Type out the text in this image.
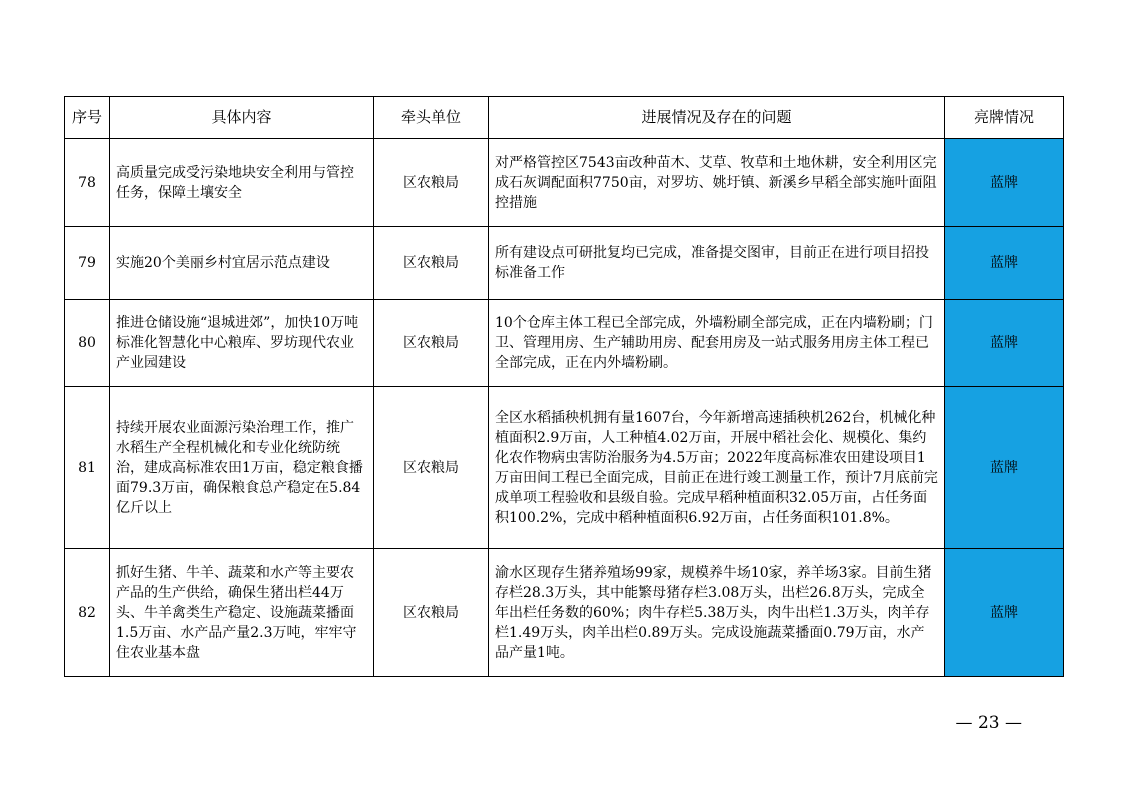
序号	具体内容	牵头单位	进展情况及存在的问题	亮牌情况
78	高质量完成受污染地块安全利用与管控任务，保障土壤安全	区农粮局	对严格管控区7543亩改种苗木、艾草、牧草和土地休耕，安全利用区完成石灰调配面积7750亩，对罗坊、姚圩镇、新溪乡早稻全部实施叶面阻控措施	蓝牌
79	实施20个美丽乡村宜居示范点建设	区农粮局	所有建设点可研批复均已完成，准备提交图审，目前正在进行项目招投标准备工作	蓝牌
80	推进仓储设施“退城进郊”，加快10万吨标准化智慧化中心粮库、罗坊现代农业产业园建设	区农粮局	10个仓库主体工程已全部完成，外墙粉刷全部完成，正在内墙粉刷；门卫、管理用房、生产辅助用房、配套用房及一站式服务用房主体工程已全部完成，正在内外墙粉刷。	蓝牌
81	持续开展农业面源污染治理工作，推广水稻生产全程机械化和专业化统防统治，建成高标准农田1万亩，稳定粮食播面79.3万亩，确保粮食总产稳定在5.84亿斤以上	区农粮局	全区水稻插秧机拥有量1607台，今年新增高速插秧机262台，机械化种植面积2.9万亩，人工种植4.02万亩，开展中稻社会化、规模化、集约化农作物病虫害防治服务为4.5万亩；2022年度高标准农田建设项目1万亩田间工程已全面完成，目前正在进行竣工测量工作，预计7月底前完成单项工程验收和县级自验。完成早稻种植面积32.05万亩，占任务面积100.2%，完成中稻种植面积6.92万亩，占任务面积101.8%。	蓝牌
82	抓好生猪、牛羊、蔬菜和水产等主要农产品的生产供给，确保生猪出栏44万头、牛羊禽类生产稳定、设施蔬菜播面1.5万亩、水产品产量2.3万吨，牢牢守住农业基本盘	区农粮局	渝水区现存生猪养殖场99家，规模养牛场10家，养羊场3家。目前生猪存栏28.3万头，其中能繁母猪存栏3.08万头，出栏26.8万头，完成全年出栏任务数的60%；肉牛存栏5.38万头，肉牛出栏1.3万头，肉羊存栏1.49万头，肉羊出栏0.89万头。完成设施蔬菜播面0.79万亩，水产品产量1吨。	蓝牌
— 23 —
